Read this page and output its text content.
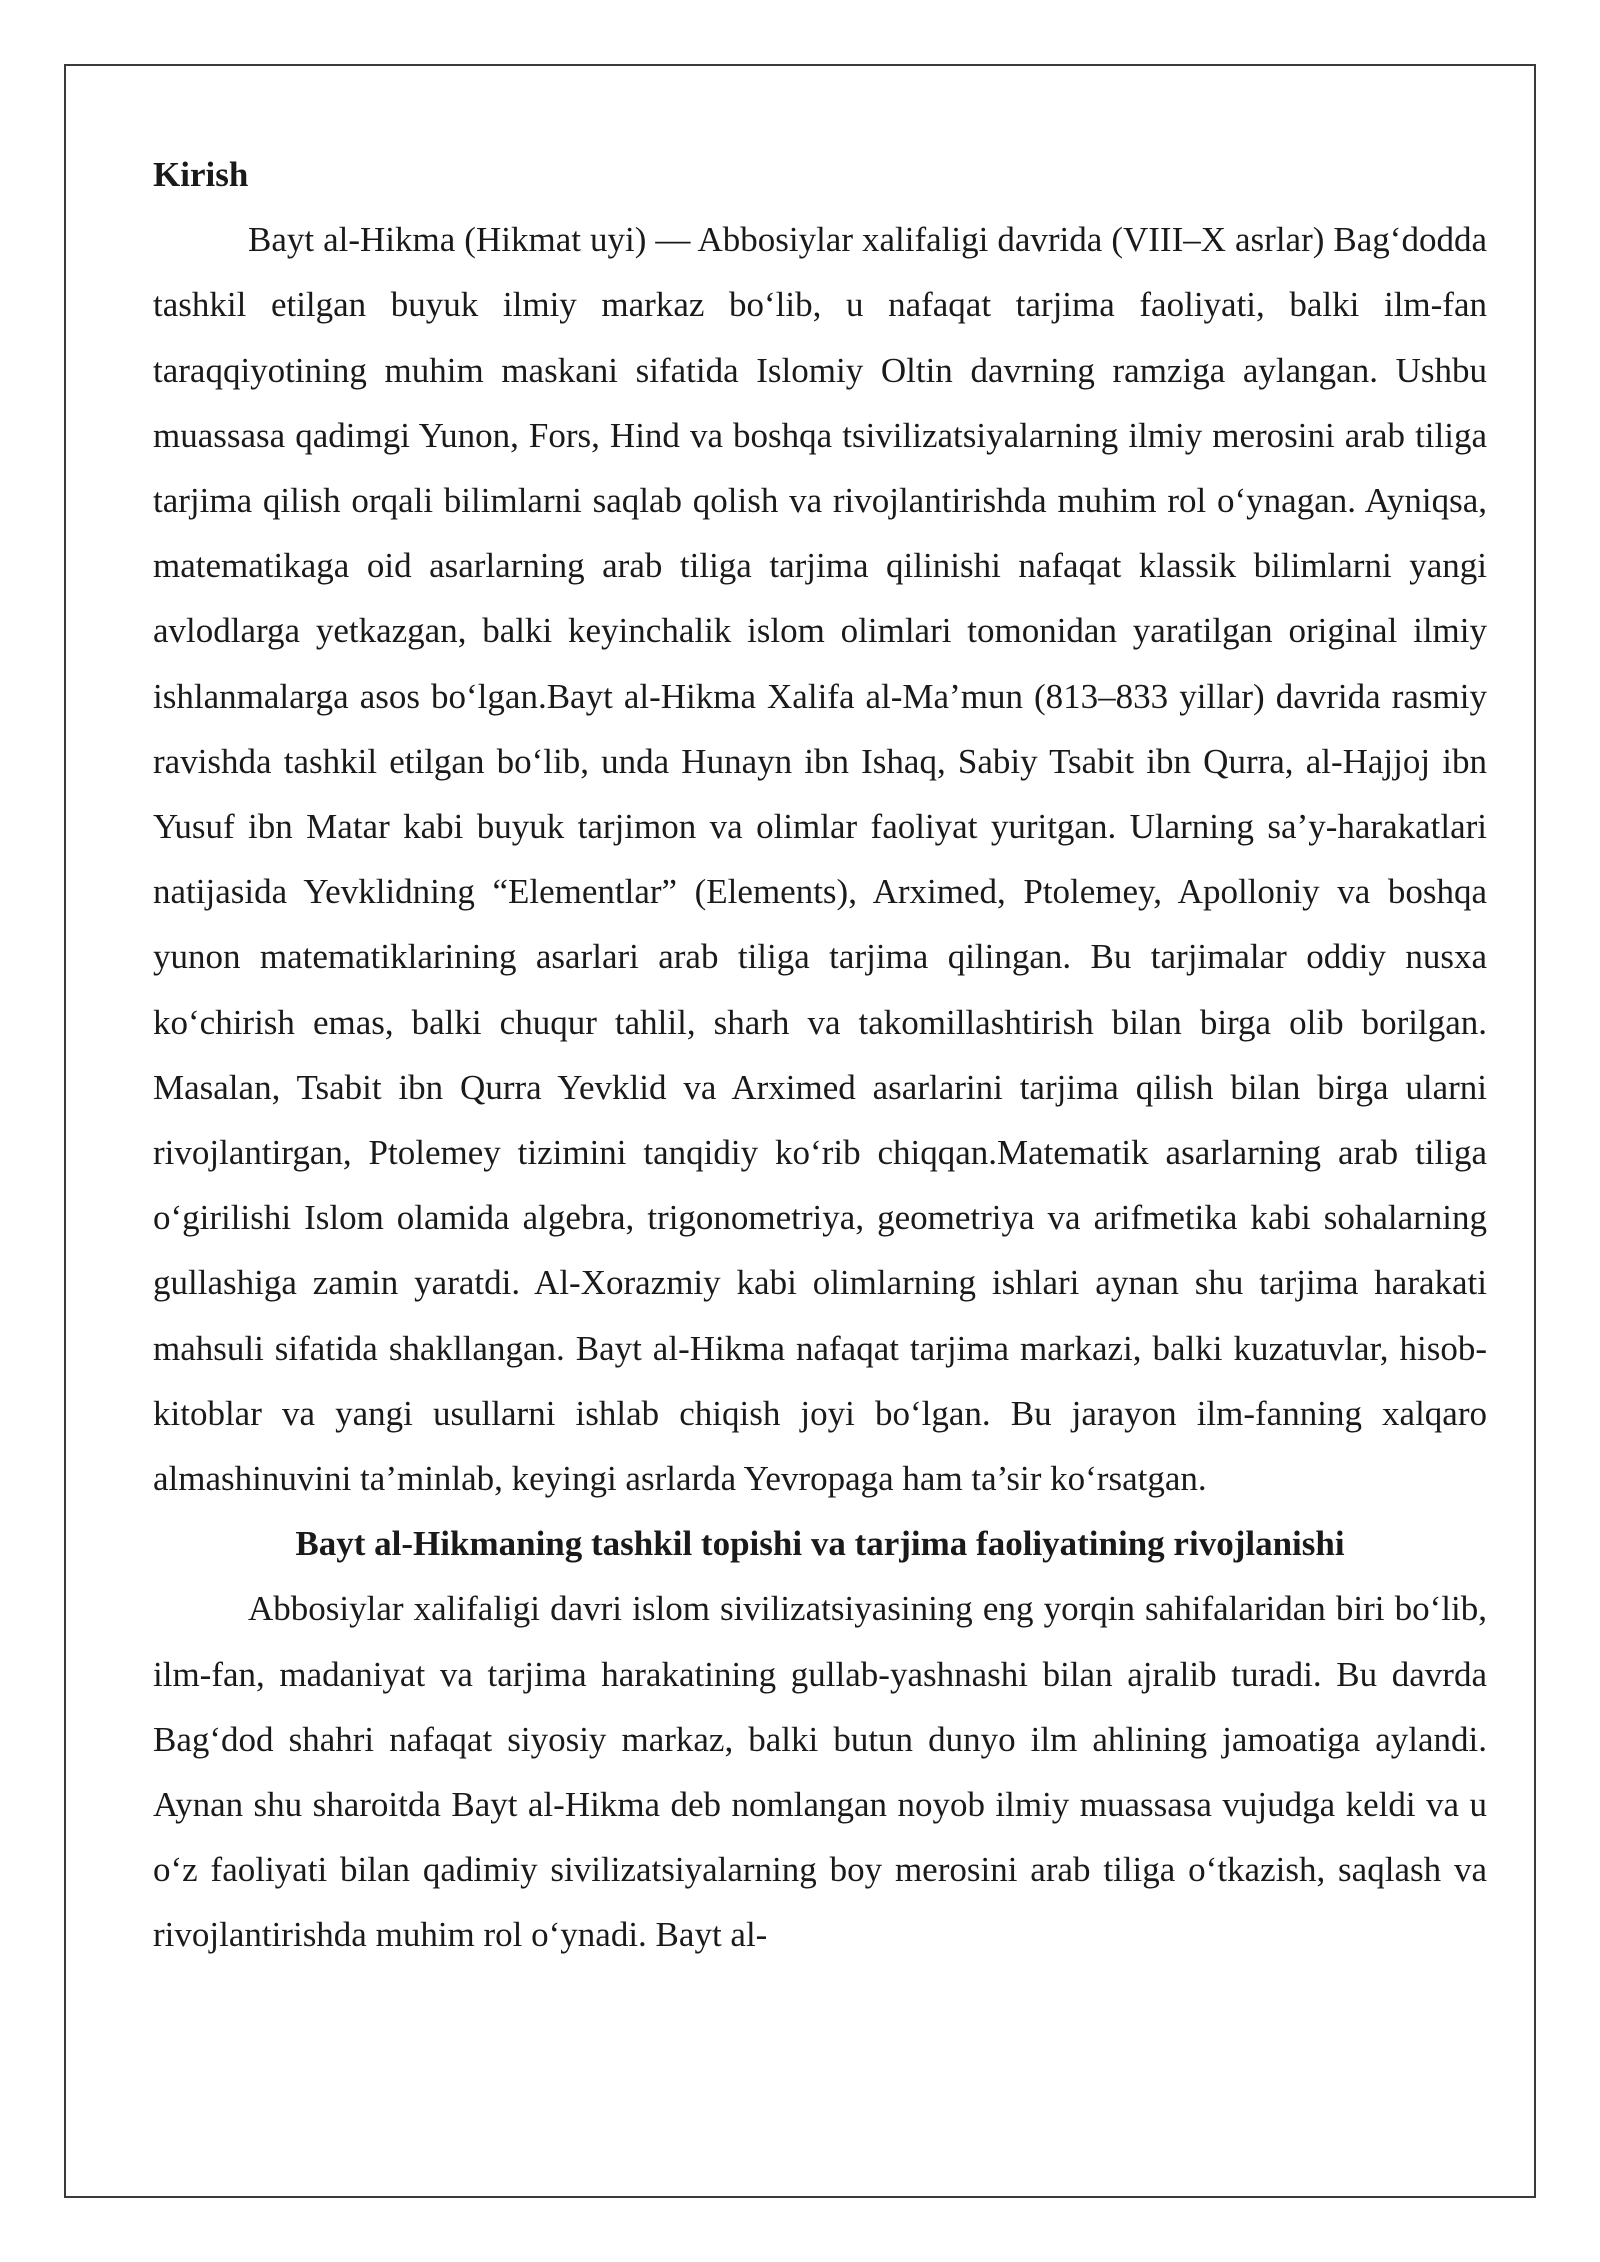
Kirish

Bayt al-Hikma (Hikmat uyi) — Abbosiylar xalifaligi davrida (VIII–X asrlar) Bag‘dodda tashkil etilgan buyuk ilmiy markaz bo‘lib, u nafaqat tarjima faoliyati, balki ilm-fan taraqqiyotining muhim maskani sifatida Islomiy Oltin davrning ramziga aylangan. Ushbu muassasa qadimgi Yunon, Fors, Hind va boshqa tsivilizatsiyalarning ilmiy merosini arab tiliga tarjima qilish orqali bilimlarni saqlab qolish va rivojlantirishda muhim rol o‘ynagan. Ayniqsa, matematikaga oid asarlarning arab tiliga tarjima qilinishi nafaqat klassik bilimlarni yangi avlodlarga yetkazgan, balki keyinchalik islom olimlari tomonidan yaratilgan original ilmiy ishlanmalarga asos bo‘lgan.Bayt al-Hikma Xalifa al-Ma’mun (813–833 yillar) davrida rasmiy ravishda tashkil etilgan bo‘lib, unda Hunayn ibn Ishaq, Sabiy Tsabit ibn Qurra, al-Hajjoj ibn Yusuf ibn Matar kabi buyuk tarjimon va olimlar faoliyat yuritgan. Ularning sa’y-harakatlari natijasida Yevklidning “Elementlar” (Elements), Arximed, Ptolemey, Apolloniy va boshqa yunon matematiklarining asarlari arab tiliga tarjima qilingan. Bu tarjimalar oddiy nusxa ko‘chirish emas, balki chuqur tahlil, sharh va takomillashtirish bilan birga olib borilgan. Masalan, Tsabit ibn Qurra Yevklid va Arximed asarlarini tarjima qilish bilan birga ularni rivojlantirgan, Ptolemey tizimini tanqidiy ko‘rib chiqqan.Matematik asarlarning arab tiliga o‘girilishi Islom olamida algebra, trigonometriya, geometriya va arifmetika kabi sohalarning gullashiga zamin yaratdi. Al-Xorazmiy kabi olimlarning ishlari aynan shu tarjima harakati mahsuli sifatida shakllangan. Bayt al-Hikma nafaqat tarjima markazi, balki kuzatuvlar, hisob-kitoblar va yangi usullarni ishlab chiqish joyi bo‘lgan. Bu jarayon ilm-fanning xalqaro almashinuvini ta’minlab, keyingi asrlarda Yevropaga ham ta’sir ko‘rsatgan.

Bayt al-Hikmaning tashkil topishi va tarjima faoliyatining rivojlanishi

Abbosiylar xalifaligi davri islom sivilizatsiyasining eng yorqin sahifalaridan biri bo‘lib, ilm-fan, madaniyat va tarjima harakatining gullab-yashnashi bilan ajralib turadi. Bu davrda Bag‘dod shahri nafaqat siyosiy markaz, balki butun dunyo ilm ahlining jamoatiga aylandi. Aynan shu sharoitda Bayt al-Hikma deb nomlangan noyob ilmiy muassasa vujudga keldi va u o‘z faoliyati bilan qadimiy sivilizatsiyalarning boy merosini arab tiliga o‘tkazish, saqlash va rivojlantirishda muhim rol o‘ynadi. Bayt al-
